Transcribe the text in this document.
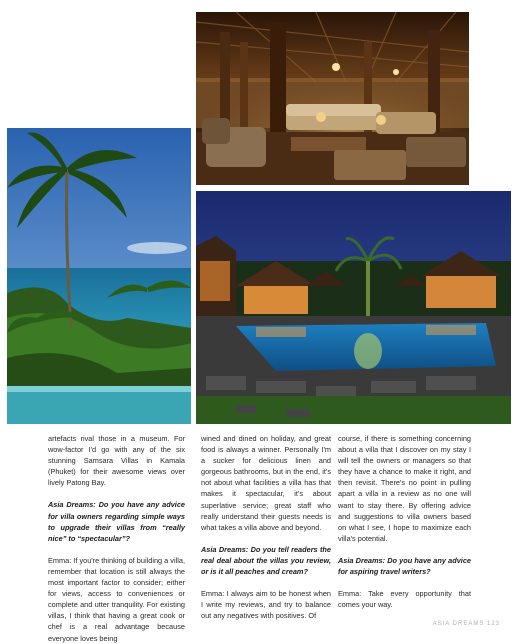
artefacts rival those in a museum. For wow-factor I'd go with any of the six stunning Samsara Villas in Kamala (Phuket) for their awesome views over lively Patong Bay.

Asia Dreams: Do you have any advice for villa owners regarding simple ways to upgrade their villas from “really nice” to “spectacular”?

Emma: If you're thinking of building a villa, remember that location is still always the most important factor to consider; either for views, access to conveniences or complete and utter tranquility. For existing villas, I think that having a great cook or chef is a real advantage because everyone loves being

wined and dined on holiday, and great food is always a winner. Personally I'm a sucker for delicious linen and gorgeous bathrooms, but in the end, it's not about what facilities a villa has that makes it spectacular, it's about superlative service; great staff who really understand their guests needs is what takes a villa above and beyond.

Asia Dreams: Do you tell readers the real deal about the villas you review, or is it all peaches and cream?

Emma: I always aim to be honest when I write my reviews, and try to balance out any negatives with positives. Of

course, if there is something concerning about a villa that I discover on my stay I will tell the owners or managers so that they have a chance to make it right, and then revisit. There's no point in pulling apart a villa in a review as no one will want to stay there. By offering advice and suggestions to villa owners based on what I see, I hope to maximize each villa's potential.

Asia Dreams: Do you have any advice for aspiring travel writers?

Emma: Take every opportunity that comes your way.

ASIA DREAMS 123
